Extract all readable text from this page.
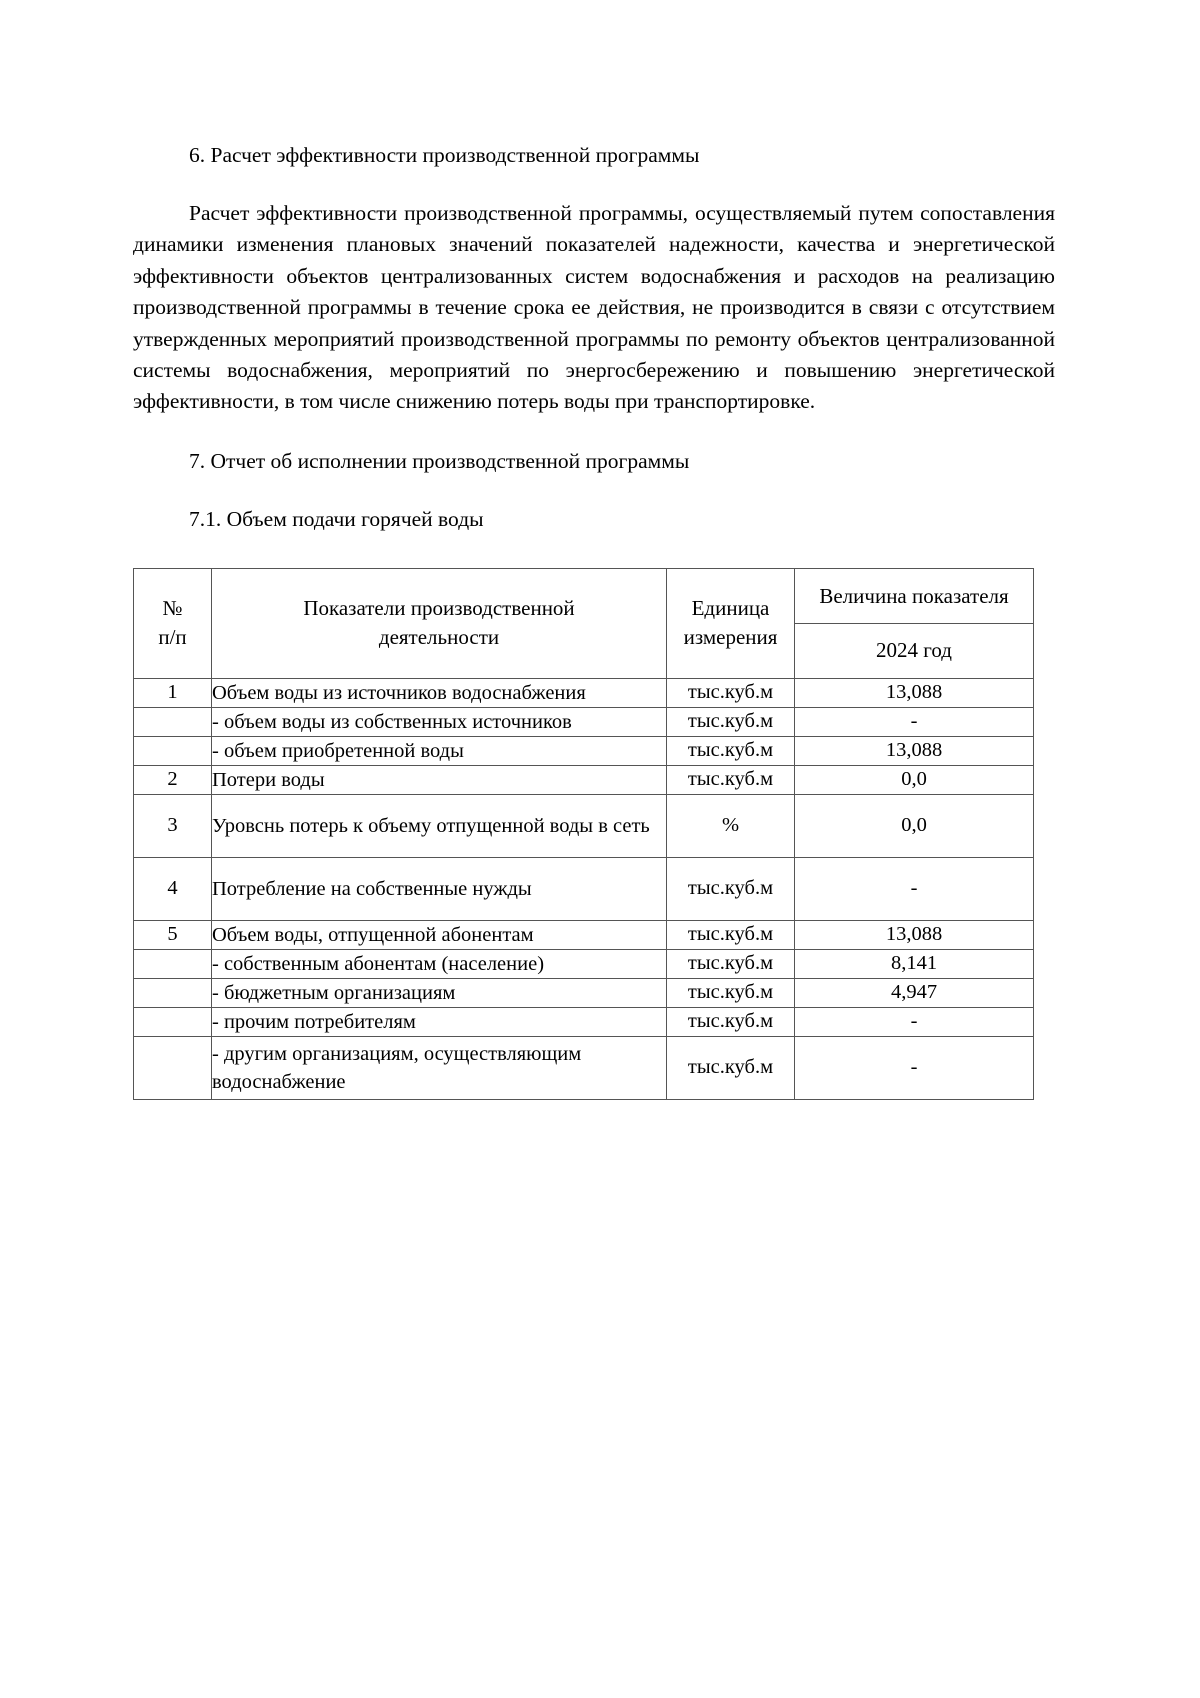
6. Расчет эффективности производственной программы

Расчет эффективности производственной программы, осуществляемый путем сопоставления динамики изменения плановых значений показателей надежности, качества и энергетической эффективности объектов централизованных систем водоснабжения и расходов на реализацию производственной программы в течение срока ее действия, не производится в связи с отсутствием утвержденных мероприятий производственной программы по ремонту объектов централизованной системы водоснабжения, мероприятий по энергосбережению и повышению энергетической эффективности, в том числе снижению потерь воды при транспортировке.

7. Отчет об исполнении производственной программы
7.1. Объем подачи горячей воды
№
п/п

Показатели производственной
деятельности

Единица
измерения

Величина показателя
2024 год

1	Объем воды из источников водоснабжения	тыс.куб.м	13,088
	- объем воды из собственных источников	тыс.куб.м	-
	- объем приобретенной воды	тыс.куб.м	13,088
2	Потери воды	тыс.куб.м	0,0
3	Уровснь потерь к объему отпущенной воды в сеть	%	0,0
4	Потребление на собственные нужды	тыс.куб.м	-
5	Объем воды, отпущенной абонентам	тыс.куб.м	13,088
	- собственным абонентам (население)	тыс.куб.м	8,141
	- бюджетным организациям	тыс.куб.м	4,947
	- прочим потребителям	тыс.куб.м	-
	- другим организациям, осуществляющим водоснабжение	тыс.куб.м	-
